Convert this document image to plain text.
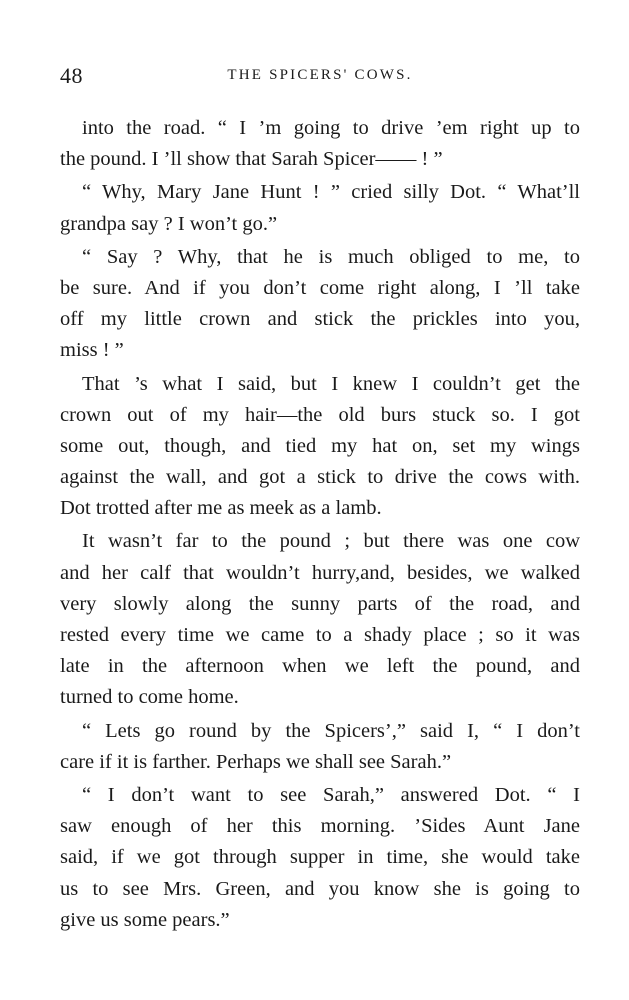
48	THE SPICERS' COWS.
into the road. “ I ’m going to drive ’em right up to
the pound. I ’ll show that Sarah Spicer—— ! ”
“ Why, Mary Jane Hunt ! ” cried silly Dot. “ What’ll
grandpa say ? I won’t go.”
“ Say ? Why, that he is much obliged to me, to
be sure. And if you don’t come right along, I ’ll take
off my little crown and stick the prickles into you,
miss ! ”
That ’s what I said, but I knew I couldn’t get the
crown out of my hair—the old burs stuck so. I got
some out, though, and tied my hat on, set my wings
against the wall, and got a stick to drive the cows with.
Dot trotted after me as meek as a lamb.
It wasn’t far to the pound ; but there was one cow
and her calf that wouldn’t hurry,and, besides, we walked
very slowly along the sunny parts of the road, and
rested every time we came to a shady place ; so it was
late in the afternoon when we left the pound, and
turned to come home.
“ Lets go round by the Spicers’,” said I, “ I don’t
care if it is farther. Perhaps we shall see Sarah.”
“ I don’t want to see Sarah,” answered Dot. “ I
saw enough of her this morning. ’Sides Aunt Jane
said, if we got through supper in time, she would take
us to see Mrs. Green, and you know she is going to
give us some pears.”
